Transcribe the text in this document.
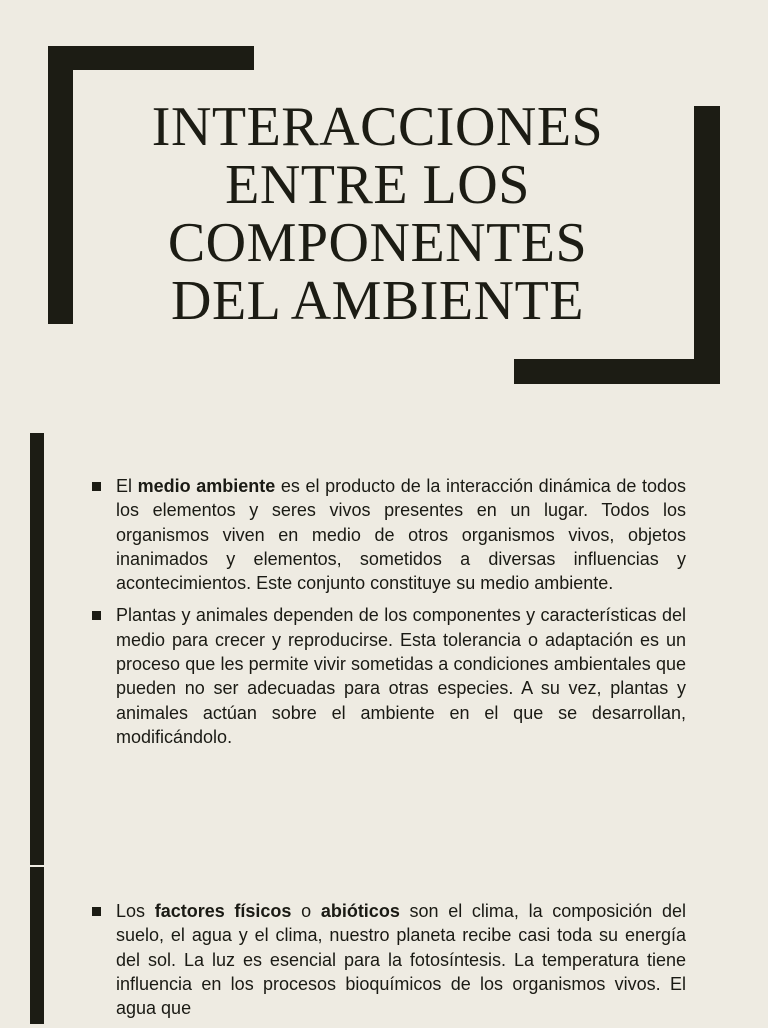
INTERACCIONES
ENTRE LOS
COMPONENTES
DEL AMBIENTE
El medio ambiente es el producto de la interacción dinámica de todos los elementos y seres vivos presentes en un lugar. Todos los organismos viven en medio de otros organismos vivos, objetos inanimados y elementos, sometidos a diversas influencias y acontecimientos. Este conjunto constituye su medio ambiente.
Plantas y animales dependen de los componentes y características del medio para crecer y reproducirse. Esta tolerancia o adaptación es un proceso que les permite vivir sometidas a condiciones ambientales que pueden no ser adecuadas para otras especies. A su vez, plantas y animales actúan sobre el ambiente en el que se desarrollan, modificándolo.
Los factores físicos o abióticos son el clima, la composición del suelo, el agua y el clima, nuestro planeta recibe casi toda su energía del sol. La luz es esencial para la fotosíntesis. La temperatura tiene influencia en los procesos bioquímicos de los organismos vivos. El agua que
